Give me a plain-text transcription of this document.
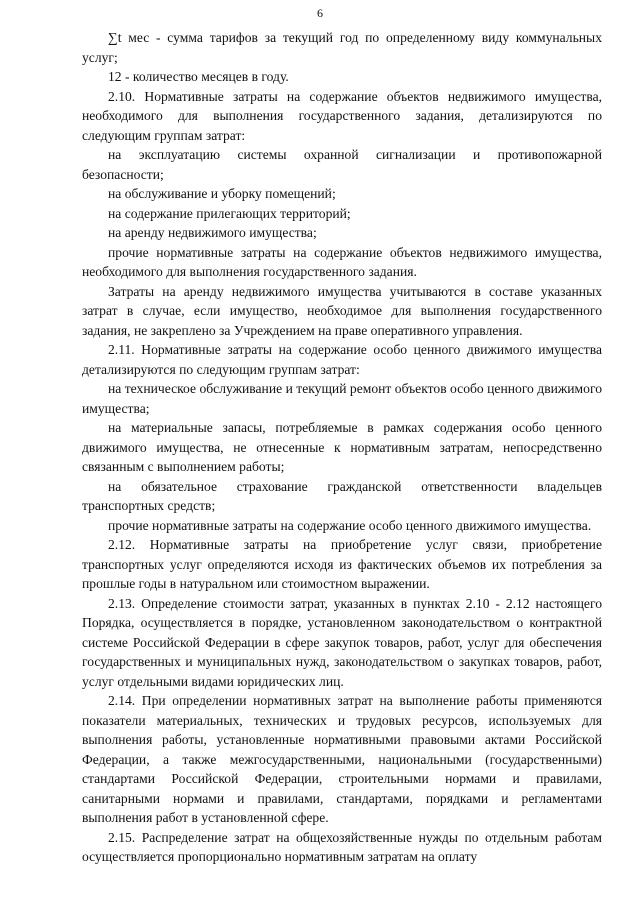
6

∑t мес - сумма тарифов за текущий год по определенному виду коммунальных услуг;

12 - количество месяцев в году.

2.10. Нормативные затраты на содержание объектов недвижимого имущества, необходимого для выполнения государственного задания, детализируются по следующим группам затрат:

на эксплуатацию системы охранной сигнализации и противопожарной безопасности;

на обслуживание и уборку помещений;

на содержание прилегающих территорий;

на аренду недвижимого имущества;

прочие нормативные затраты на содержание объектов недвижимого имущества, необходимого для выполнения государственного задания.

Затраты на аренду недвижимого имущества учитываются в составе указанных затрат в случае, если имущество, необходимое для выполнения государственного задания, не закреплено за Учреждением на праве оперативного управления.

2.11. Нормативные затраты на содержание особо ценного движимого имущества детализируются по следующим группам затрат:

на техническое обслуживание и текущий ремонт объектов особо ценного движимого имущества;

на материальные запасы, потребляемые в рамках содержания особо ценного движимого имущества, не отнесенные к нормативным затратам, непосредственно связанным с выполнением работы;

на обязательное страхование гражданской ответственности владельцев транспортных средств;

прочие нормативные затраты на содержание особо ценного движимого имущества.

2.12. Нормативные затраты на приобретение услуг связи, приобретение транспортных услуг определяются исходя из фактических объемов их потребления за прошлые годы в натуральном или стоимостном выражении.

2.13. Определение стоимости затрат, указанных в пунктах 2.10 - 2.12 настоящего Порядка, осуществляется в порядке, установленном законодательством о контрактной системе Российской Федерации в сфере закупок товаров, работ, услуг для обеспечения государственных и муниципальных нужд, законодательством о закупках товаров, работ, услуг отдельными видами юридических лиц.

2.14. При определении нормативных затрат на выполнение работы применяются показатели материальных, технических и трудовых ресурсов, используемых для выполнения работы, установленные нормативными правовыми актами Российской Федерации, а также межгосударственными, национальными (государственными) стандартами Российской Федерации, строительными нормами и правилами, санитарными нормами и правилами, стандартами, порядками и регламентами выполнения работ в установленной сфере.

2.15. Распределение затрат на общехозяйственные нужды по отдельным работам осуществляется пропорционально нормативным затратам на оплату
